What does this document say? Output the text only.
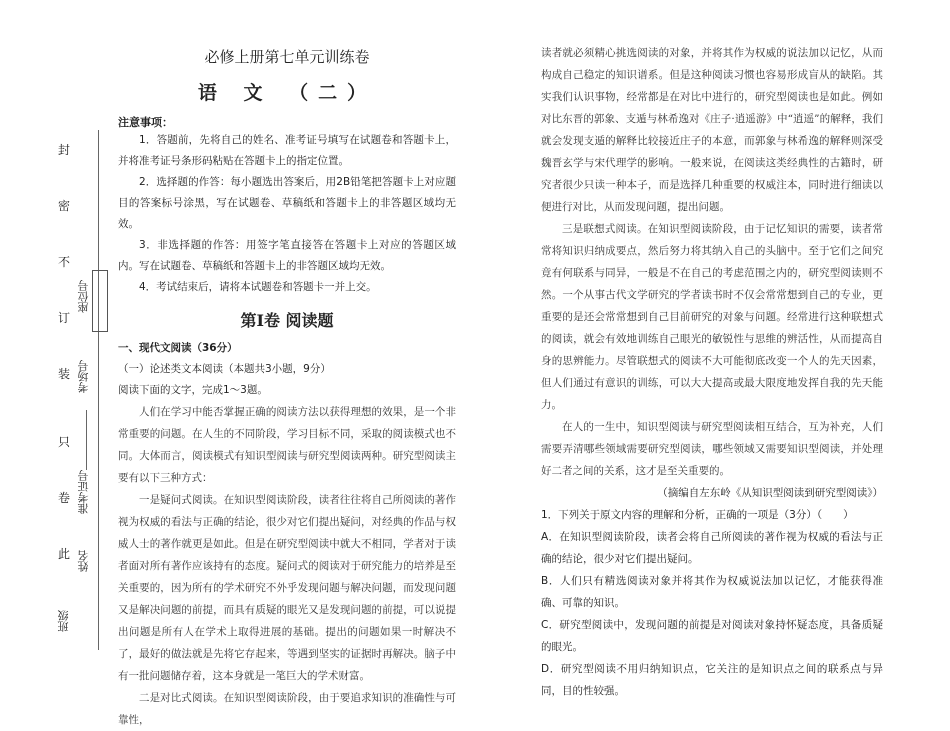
封
密
不
订
装
只
卷
此
座位号
考场号
准考证号
姓名
班级
必修上册第七单元训练卷
语 文 （二）
注意事项：

1．答题前，先将自己的姓名、准考证号填写在试题卷和答题卡上，并将准考证号条形码粘贴在答题卡上的指定位置。

2．选择题的作答：每小题选出答案后，用2B铅笔把答题卡上对应题目的答案标号涂黑，写在试题卷、草稿纸和答题卡上的非答题区域均无效。

3．非选择题的作答：用签字笔直接答在答题卡上对应的答题区域内。写在试题卷、草稿纸和答题卡上的非答题区域均无效。

4．考试结束后，请将本试题卷和答题卡一并上交。

第Ⅰ卷 阅读题
一、现代文阅读（36分）

（一）论述类文本阅读（本题共3小题，9分）

阅读下面的文字，完成1～3题。

人们在学习中能否掌握正确的阅读方法以获得理想的效果，是一个非常重要的问题。在人生的不同阶段，学习目标不同，采取的阅读模式也不同。大体而言，阅读模式有知识型阅读与研究型阅读两种。研究型阅读主要有以下三种方式：

一是疑问式阅读。在知识型阅读阶段，读者往往将自己所阅读的著作视为权威的看法与正确的结论，很少对它们提出疑问，对经典的作品与权威人士的著作就更是如此。但是在研究型阅读中就大不相同，学者对于读者面对所有著作应该持有的态度。疑问式的阅读对于研究能力的培养是至关重要的，因为所有的学术研究不外乎发现问题与解决问题，而发现问题又是解决问题的前提，而具有质疑的眼光又是发现问题的前提，可以说提出问题是所有人在学术上取得进展的基础。提出的问题如果一时解决不了，最好的做法就是先将它存起来，等遇到坚实的证据时再解决。脑子中有一批问题储存着，这本身就是一笔巨大的学术财富。

二是对比式阅读。在知识型阅读阶段，由于要追求知识的准确性与可靠性，

读者就必须精心挑选阅读的对象，并将其作为权威的说法加以记忆，从而构成自己稳定的知识谱系。但是这种阅读习惯也容易形成盲从的缺陷。其实我们认识事物，经常都是在对比中进行的，研究型阅读也是如此。例如对比东晋的郭象、支遁与林希逸对《庄子·逍遥游》中“逍遥”的解释，我们就会发现支遁的解释比较接近庄子的本意，而郭象与林希逸的解释则深受魏晋玄学与宋代理学的影响。一般来说，在阅读这类经典性的古籍时，研究者很少只读一种本子，而是选择几种重要的权威注本，同时进行细读以便进行对比，从而发现问题，提出问题。

三是联想式阅读。在知识型阅读阶段，由于记忆知识的需要，读者常常将知识归纳成要点，然后努力将其纳入自己的头脑中。至于它们之间究竟有何联系与同异，一般是不在自己的考虑范围之内的，研究型阅读则不然。一个从事古代文学研究的学者读书时不仅会常常想到自己的专业，更重要的是还会常常想到自己目前研究的对象与问题。经常进行这种联想式的阅读，就会有效地训练自己眼光的敏锐性与思维的辨活性，从而提高自身的思辨能力。尽管联想式的阅读不大可能彻底改变一个人的先天因素，但人们通过有意识的训练，可以大大提高或最大限度地发挥自我的先天能力。

在人的一生中，知识型阅读与研究型阅读相互结合，互为补充，人们需要弄清哪些领域需要研究型阅读，哪些领域又需要知识型阅读，并处理好二者之间的关系，这才是至关重要的。

（摘编自左东岭《从知识型阅读到研究型阅读》）

1．下列关于原文内容的理解和分析，正确的一项是（3分）（　　）

A．在知识型阅读阶段，读者会将自己所阅读的著作视为权威的看法与正确的结论，很少对它们提出疑问。

B．人们只有精选阅读对象并将其作为权威说法加以记忆，才能获得准确、可靠的知识。

C．研究型阅读中，发现问题的前提是对阅读对象持怀疑态度，具备质疑的眼光。

D．研究型阅读不用归纳知识点，它关注的是知识点之间的联系点与异同，目的性较强。
